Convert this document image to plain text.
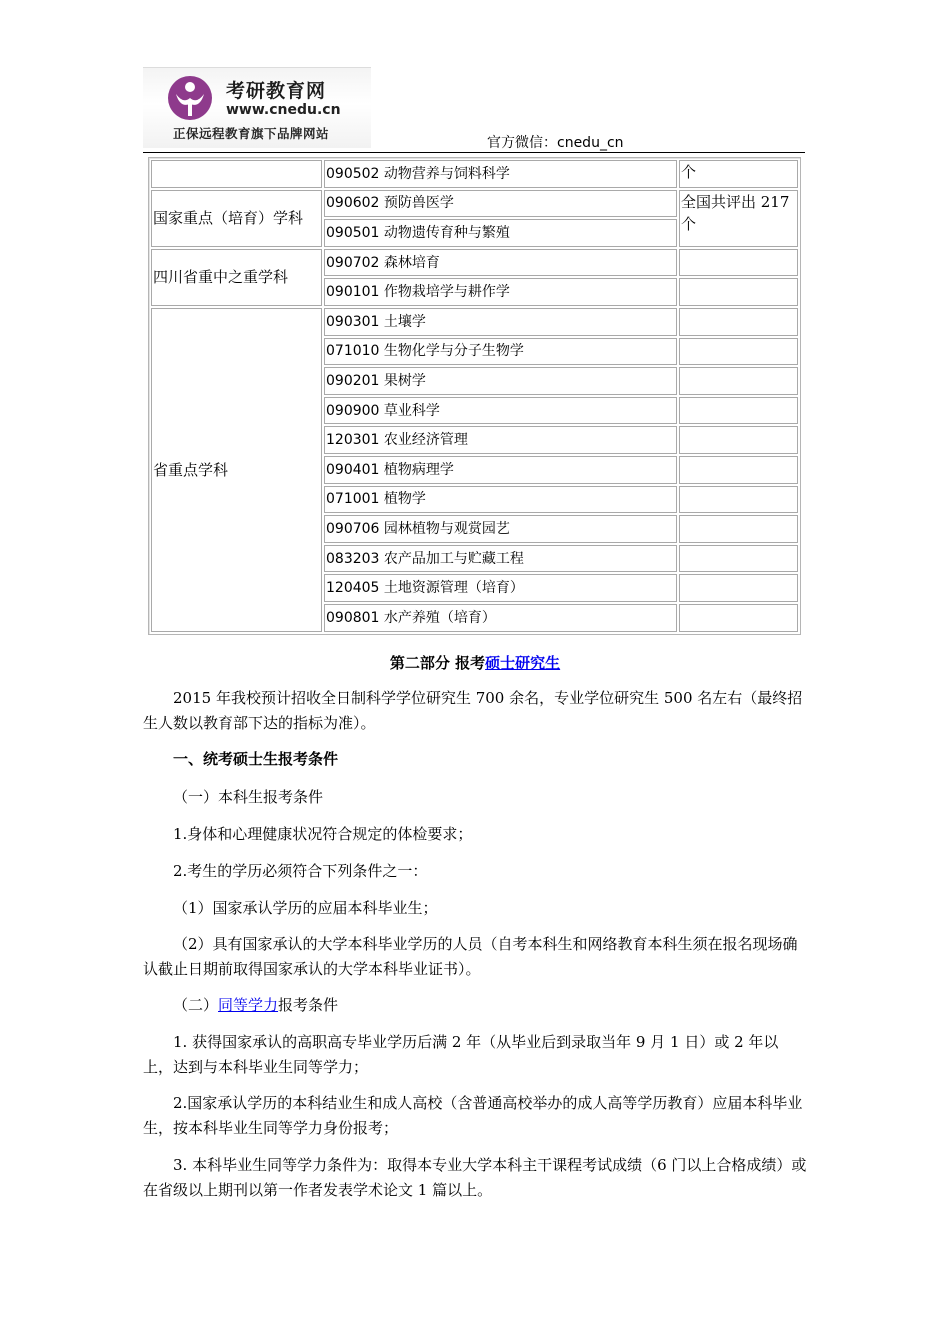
考研教育网
www.cnedu.cn
正保远程教育旗下品牌网站
官方微信：cnedu_cn
	090502 动物营养与饲料科学	个
国家重点（培育）学科	090602 预防兽医学	全国共评出 217 个
	090501 动物遗传育种与繁殖	
四川省重中之重学科	090702 森林培育	
	090101 作物栽培学与耕作学	
省重点学科	090301 土壤学	
	071010 生物化学与分子生物学	
	090201 果树学	
	090900 草业科学	
	120301 农业经济管理	
	090401 植物病理学	
	071001 植物学	
	090706 园林植物与观赏园艺	
	083203 农产品加工与贮藏工程	
	120405 土地资源管理（培育）	
	090801 水产养殖（培育）	
第二部分 报考硕士研究生
2015 年我校预计招收全日制科学学位研究生 700 余名，专业学位研究生 500 名左右（最终招生人数以教育部下达的指标为准）。
一、统考硕士生报考条件
（一）本科生报考条件
1.身体和心理健康状况符合规定的体检要求；
2.考生的学历必须符合下列条件之一：
（1）国家承认学历的应届本科毕业生；
（2）具有国家承认的大学本科毕业学历的人员（自考本科生和网络教育本科生须在报名现场确认截止日期前取得国家承认的大学本科毕业证书）。
（二）同等学力报考条件
1. 获得国家承认的高职高专毕业学历后满 2 年（从毕业后到录取当年 9 月 1 日）或 2 年以上，达到与本科毕业生同等学力；
2.国家承认学历的本科结业生和成人高校（含普通高校举办的成人高等学历教育）应届本科毕业生，按本科毕业生同等学力身份报考；
3. 本科毕业生同等学力条件为：取得本专业大学本科主干课程考试成绩（6 门以上合格成绩）或在省级以上期刊以第一作者发表学术论文 1 篇以上。
